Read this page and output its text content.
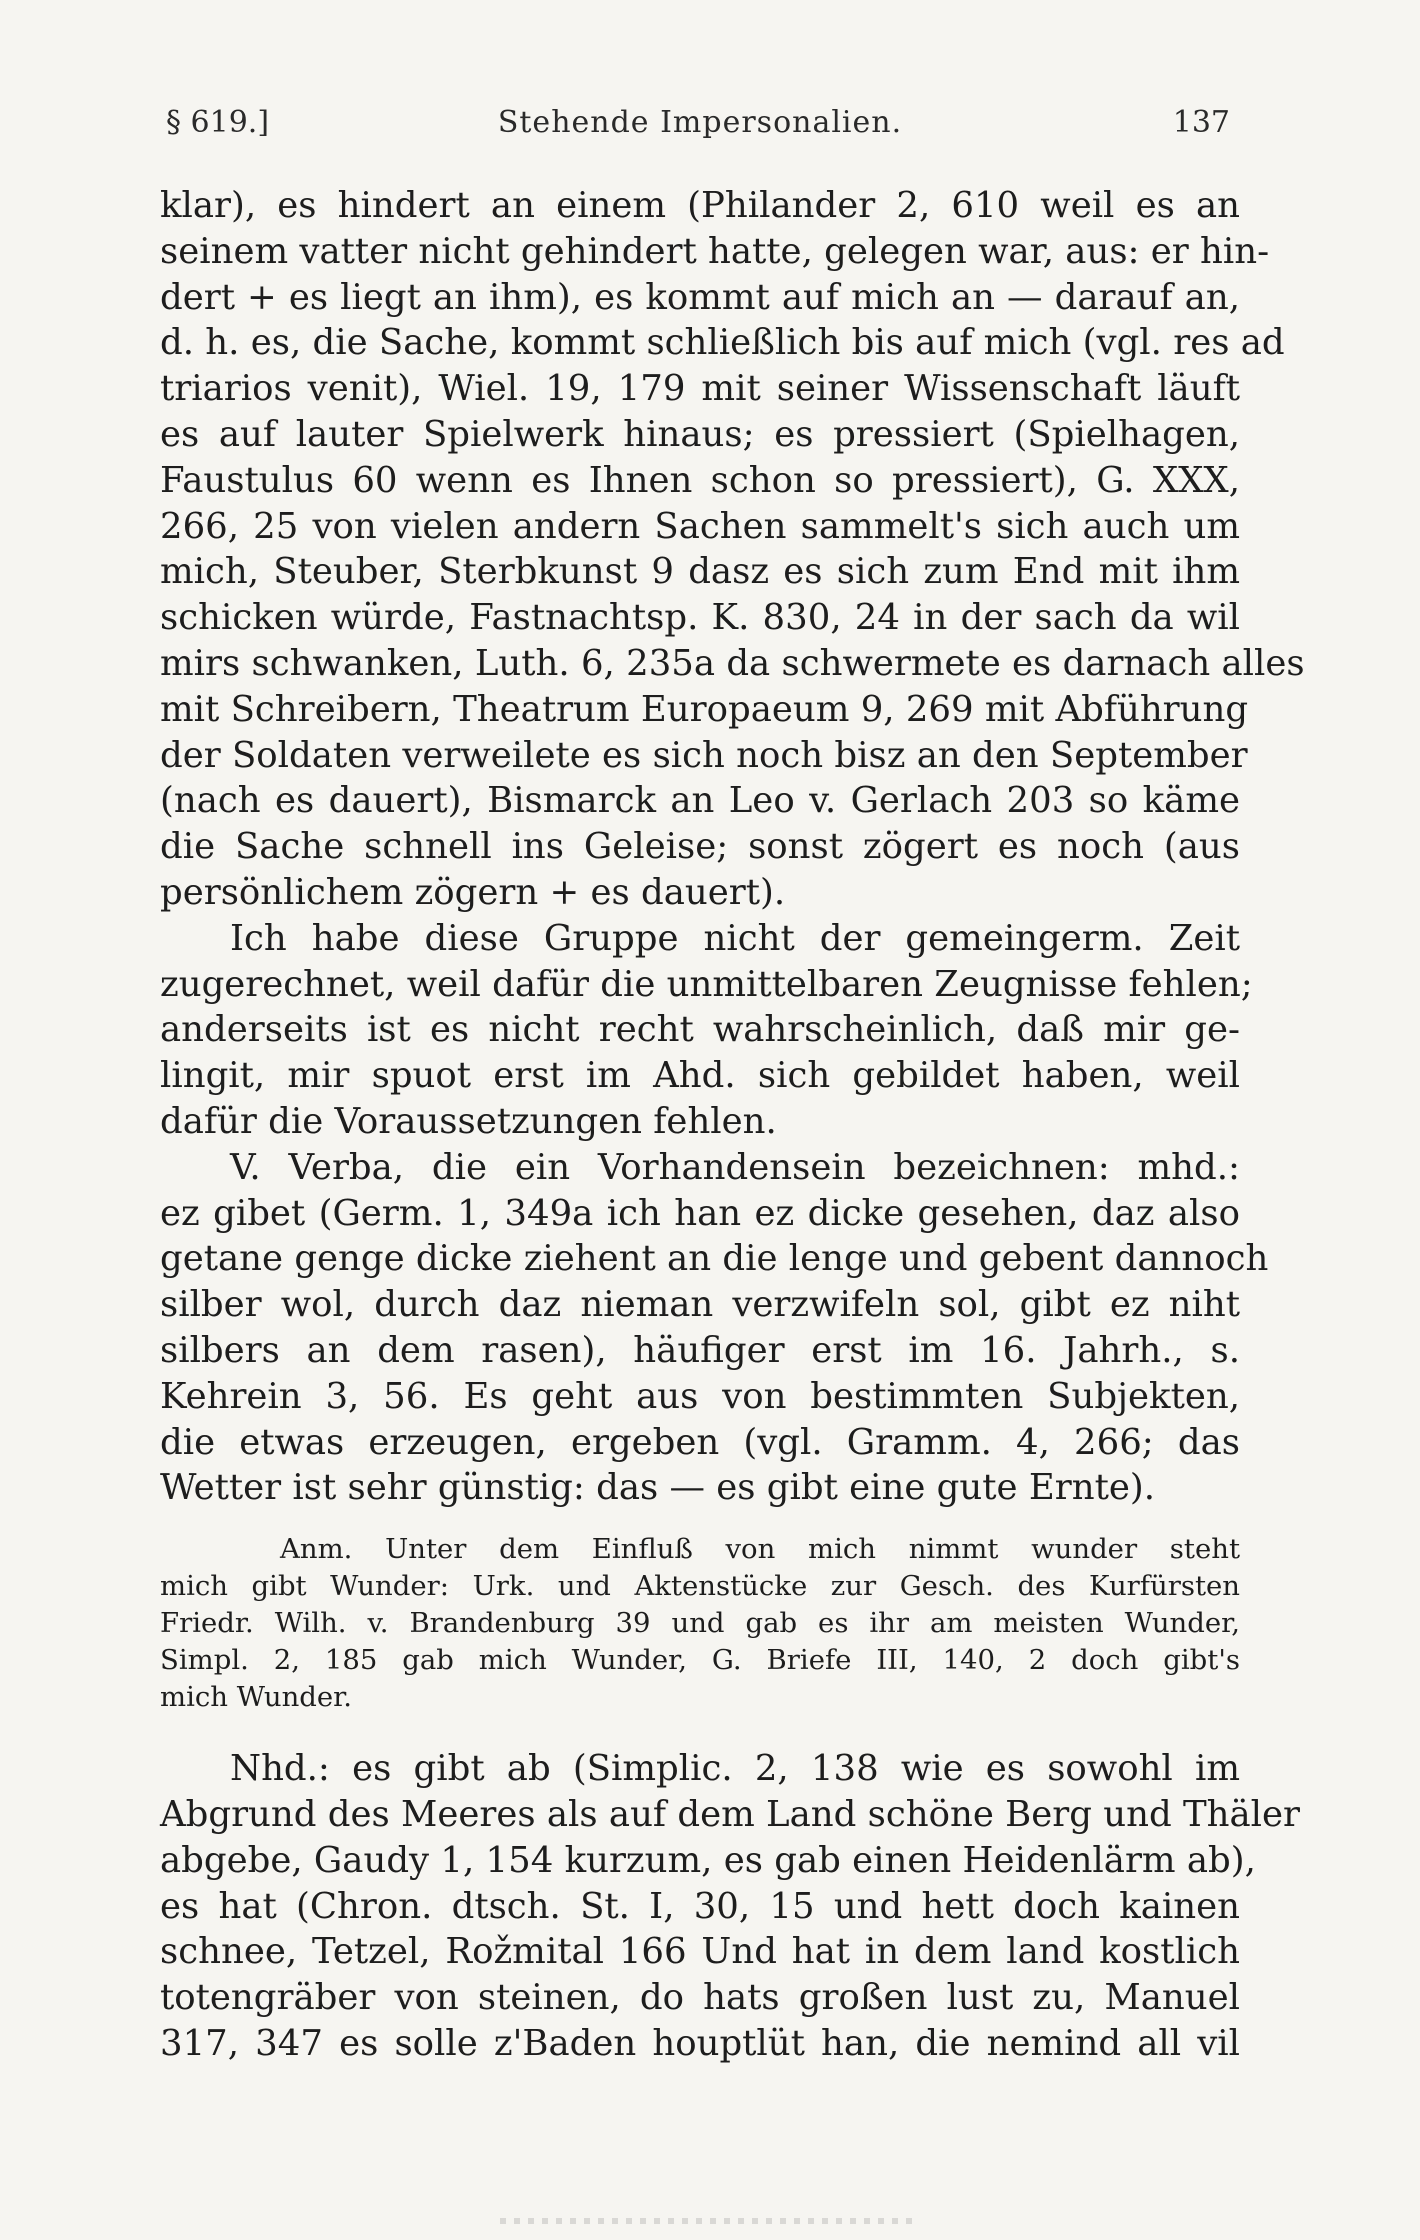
§ 619.]	Stehende Impersonalien.	137
klar), es hindert an einem (Philander 2, 610 weil es an
seinem vatter nicht gehindert hatte, gelegen war, aus: er hin-
dert + es liegt an ihm), es kommt auf mich an — darauf an,
d. h. es, die Sache, kommt schließlich bis auf mich (vgl. res ad
triarios venit), Wiel. 19, 179 mit seiner Wissenschaft läuft
es auf lauter Spielwerk hinaus; es pressiert (Spielhagen,
Faustulus 60 wenn es Ihnen schon so pressiert), G. XXX,
266, 25 von vielen andern Sachen sammelt's sich auch um
mich, Steuber, Sterbkunst 9 dasz es sich zum End mit ihm
schicken würde, Fastnachtsp. K. 830, 24 in der sach da wil
mirs schwanken, Luth. 6, 235a da schwermete es darnach alles
mit Schreibern, Theatrum Europaeum 9, 269 mit Abführung
der Soldaten verweilete es sich noch bisz an den September
(nach es dauert), Bismarck an Leo v. Gerlach 203 so käme
die Sache schnell ins Geleise; sonst zögert es noch (aus
persönlichem zögern + es dauert).
Ich habe diese Gruppe nicht der gemeingerm. Zeit
zugerechnet, weil dafür die unmittelbaren Zeugnisse fehlen;
anderseits ist es nicht recht wahrscheinlich, daß mir ge-
lingit, mir spuot erst im Ahd. sich gebildet haben, weil
dafür die Voraussetzungen fehlen.
V. Verba, die ein Vorhandensein bezeichnen: mhd.:
ez gibet (Germ. 1, 349a ich han ez dicke gesehen, daz also
getane genge dicke ziehent an die lenge und gebent dannoch
silber wol, durch daz nieman verzwifeln sol, gibt ez niht
silbers an dem rasen), häufiger erst im 16. Jahrh., s.
Kehrein 3, 56. Es geht aus von bestimmten Subjekten,
die etwas erzeugen, ergeben (vgl. Gramm. 4, 266; das
Wetter ist sehr günstig: das — es gibt eine gute Ernte).
Anm. Unter dem Einfluß von mich nimmt wunder steht
mich gibt Wunder: Urk. und Aktenstücke zur Gesch. des Kurfürsten
Friedr. Wilh. v. Brandenburg 39 und gab es ihr am meisten Wunder,
Simpl. 2, 185 gab mich Wunder, G. Briefe III, 140, 2 doch gibt's
mich Wunder.
Nhd.: es gibt ab (Simplic. 2, 138 wie es sowohl im
Abgrund des Meeres als auf dem Land schöne Berg und Thäler
abgebe, Gaudy 1, 154 kurzum, es gab einen Heidenlärm ab),
es hat (Chron. dtsch. St. I, 30, 15 und hett doch kainen
schnee, Tetzel, Rožmital 166 Und hat in dem land kostlich
totengräber von steinen, do hats großen lust zu, Manuel
317, 347 es solle z'Baden houptlüt han, die nemind all vil
